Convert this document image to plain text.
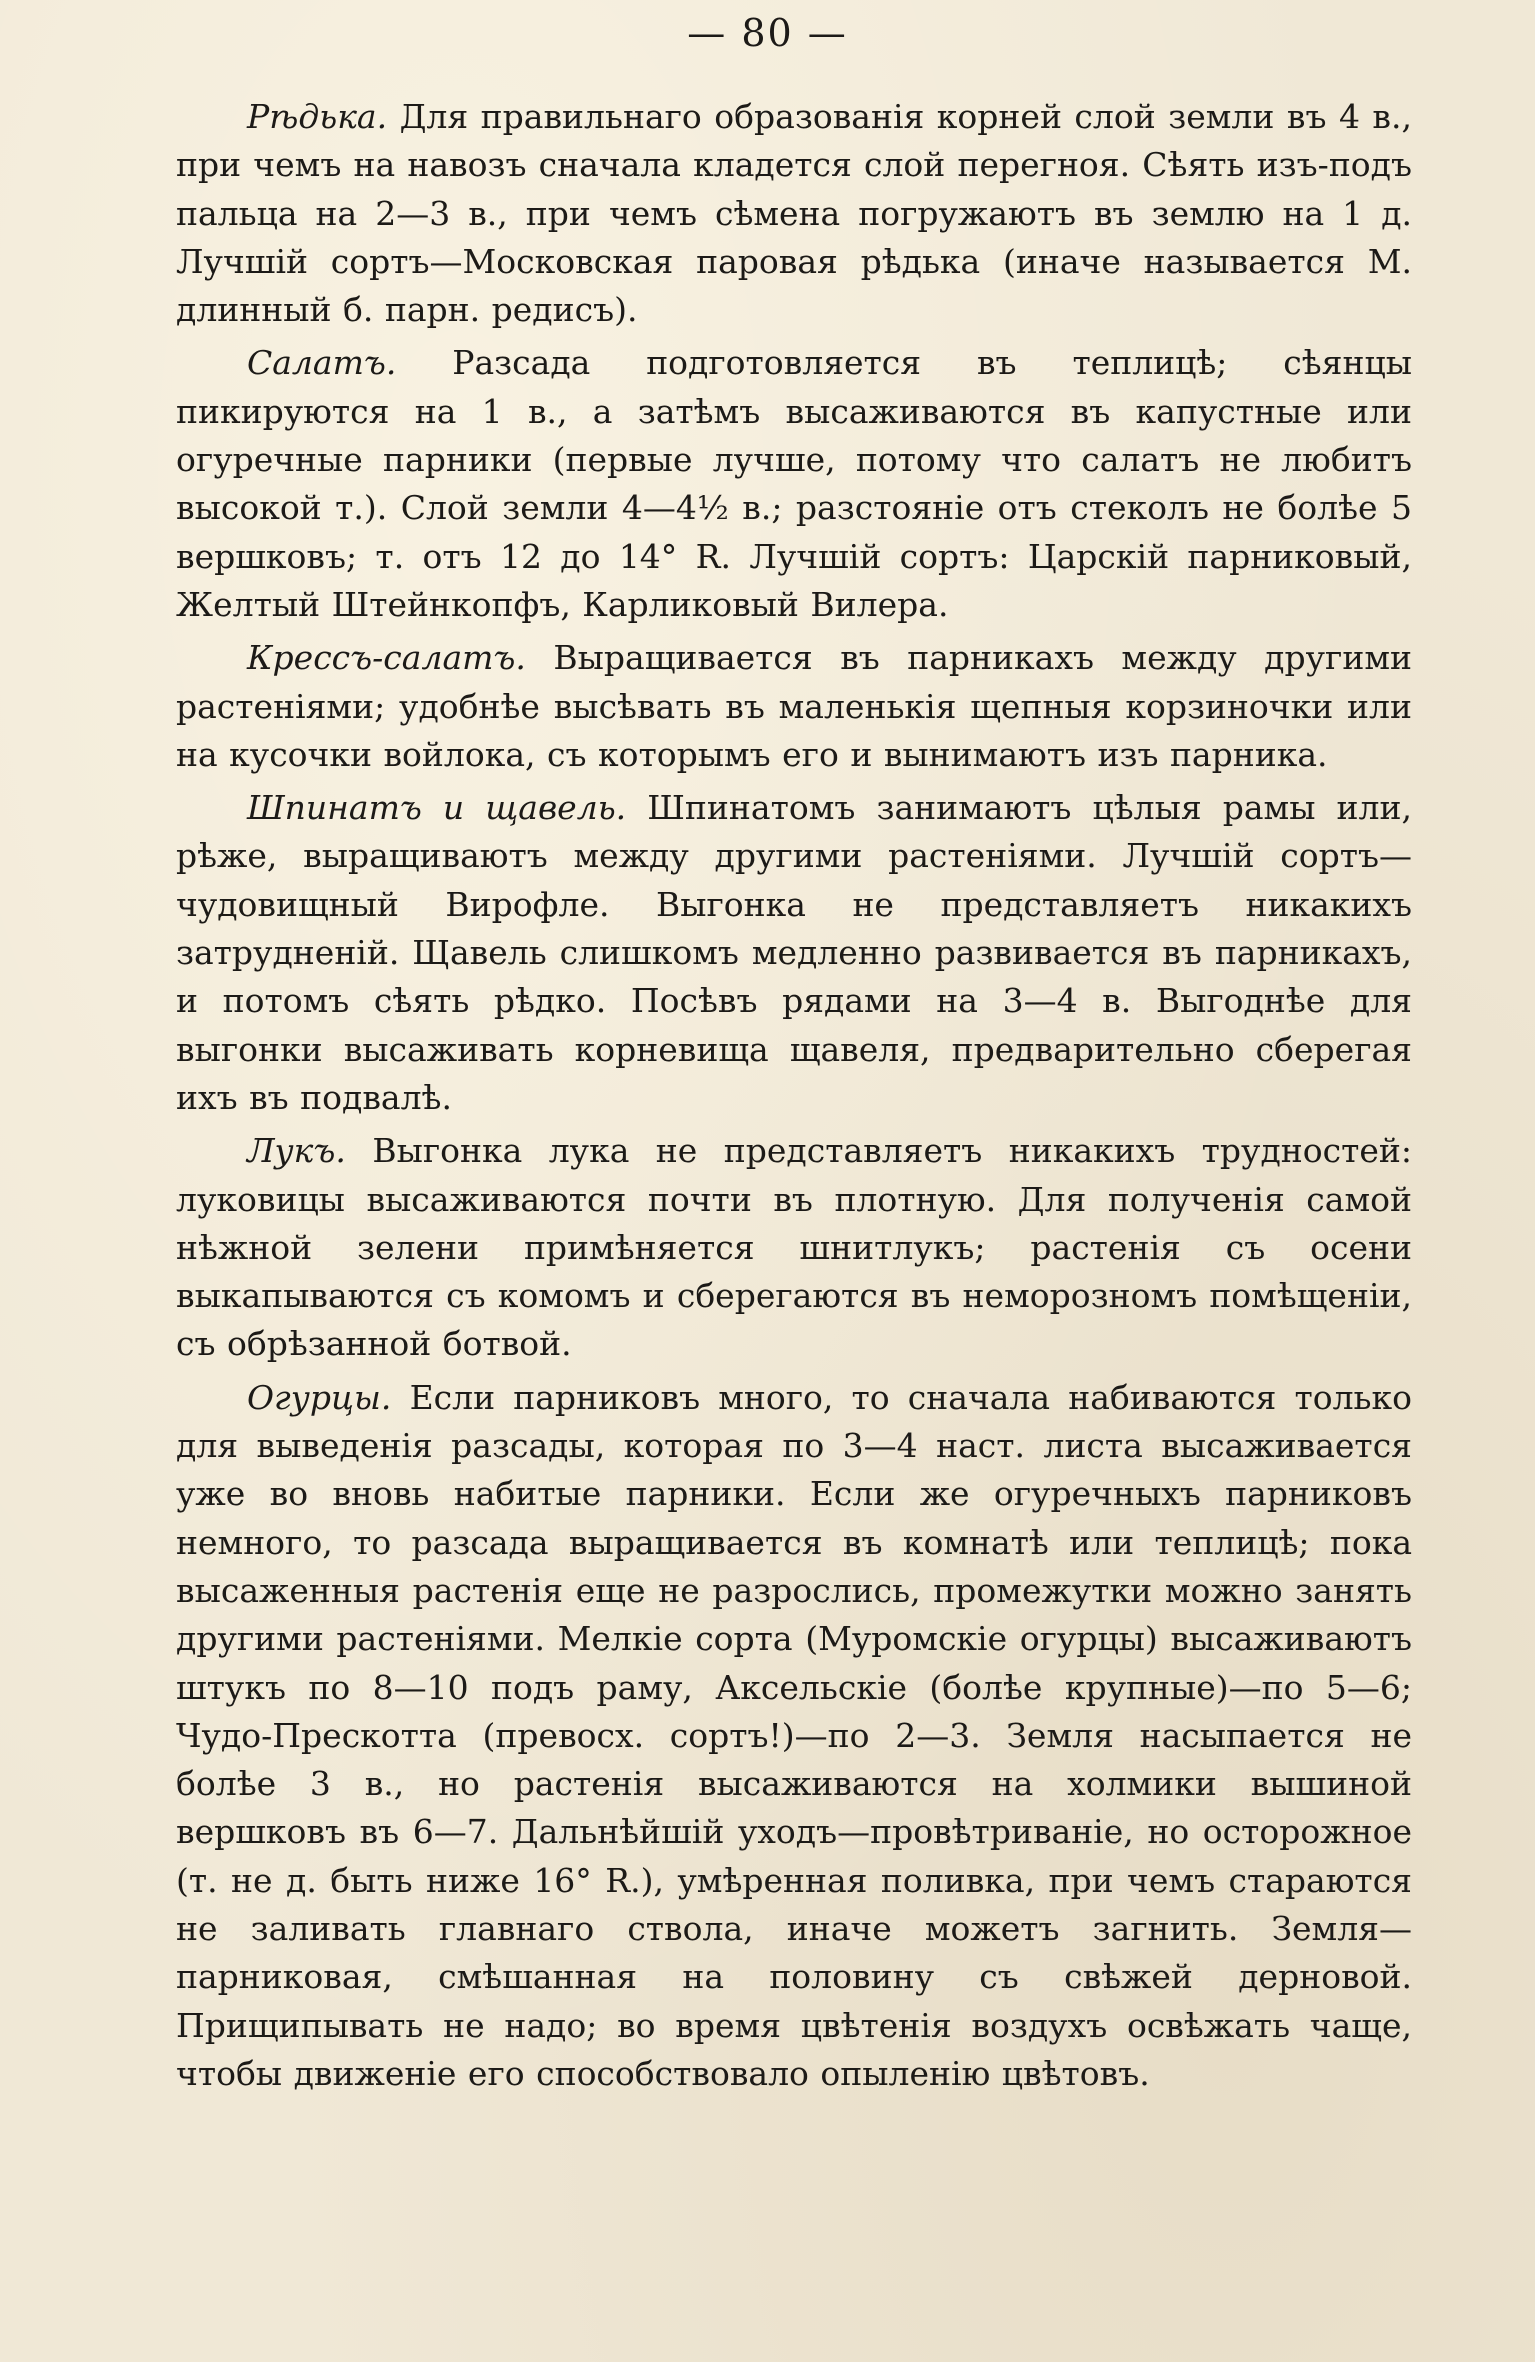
— 80 —

Рѣдька. Для правильнаго образованія корней слой земли въ 4 в., при чемъ на навозъ сначала кладется слой перегноя. Сѣять изъ-подъ пальца на 2—3 в., при чемъ сѣмена погружаютъ въ землю на 1 д. Лучшій сортъ—Московская паровая рѣдька (иначе называется М. длинный б. парн. редисъ).

Салатъ. Разсада подготовляется въ теплицѣ; сѣянцы пикируются на 1 в., а затѣмъ высаживаются въ капустные или огуречные парники (первые лучше, потому что салатъ не любитъ высокой т.). Слой земли 4—4½ в.; разстояніе отъ стеколъ не болѣе 5 вершковъ; т. отъ 12 до 14° R. Лучшій сортъ: Царскій парниковый, Желтый Штейнкопфъ, Карликовый Вилера.

Крессъ-салатъ. Выращивается въ парникахъ между другими растеніями; удобнѣе высѣвать въ маленькія щепныя корзиночки или на кусочки войлока, съ которымъ его и вынимаютъ изъ парника.

Шпинатъ и щавель. Шпинатомъ занимаютъ цѣлыя рамы или, рѣже, выращиваютъ между другими растеніями. Лучшій сортъ—чудовищный Вирофле. Выгонка не представляетъ никакихъ затрудненій. Щавель слишкомъ медленно развивается въ парникахъ, и потомъ сѣять рѣдко. Посѣвъ рядами на 3—4 в. Выгоднѣе для выгонки высаживать корневища щавеля, предварительно сберегая ихъ въ подвалѣ.

Лукъ. Выгонка лука не представляетъ никакихъ трудностей: луковицы высаживаются почти въ плотную. Для полученія самой нѣжной зелени примѣняется шнитлукъ; растенія съ осени выкапываются съ комомъ и сберегаются въ неморозномъ помѣщеніи, съ обрѣзанной ботвой.

Огурцы. Если парниковъ много, то сначала набиваются только для выведенія разсады, которая по 3—4 наст. листа высаживается уже во вновь набитые парники. Если же огуречныхъ парниковъ немного, то разсада выращивается въ комнатѣ или теплицѣ; пока высаженныя растенія еще не разрослись, промежутки можно занять другими растеніями. Мелкіе сорта (Муромскіе огурцы) высаживаютъ штукъ по 8—10 подъ раму, Аксельскіе (болѣе крупные)—по 5—6; Чудо-Прескотта (превосх. сортъ!)—по 2—3. Земля насыпается не болѣе 3 в., но растенія высаживаются на холмики вышиной вершковъ въ 6—7. Дальнѣйшій уходъ—провѣтриваніе, но осторожное (т. не д. быть ниже 16° R.), умѣренная поливка, при чемъ стараются не заливать главнаго ствола, иначе можетъ загнить. Земля—парниковая, смѣшанная на половину съ свѣжей дерновой. Прищипывать не надо; во время цвѣтенія воздухъ освѣжать чаще, чтобы движеніе его способствовало опыленію цвѣтовъ.
